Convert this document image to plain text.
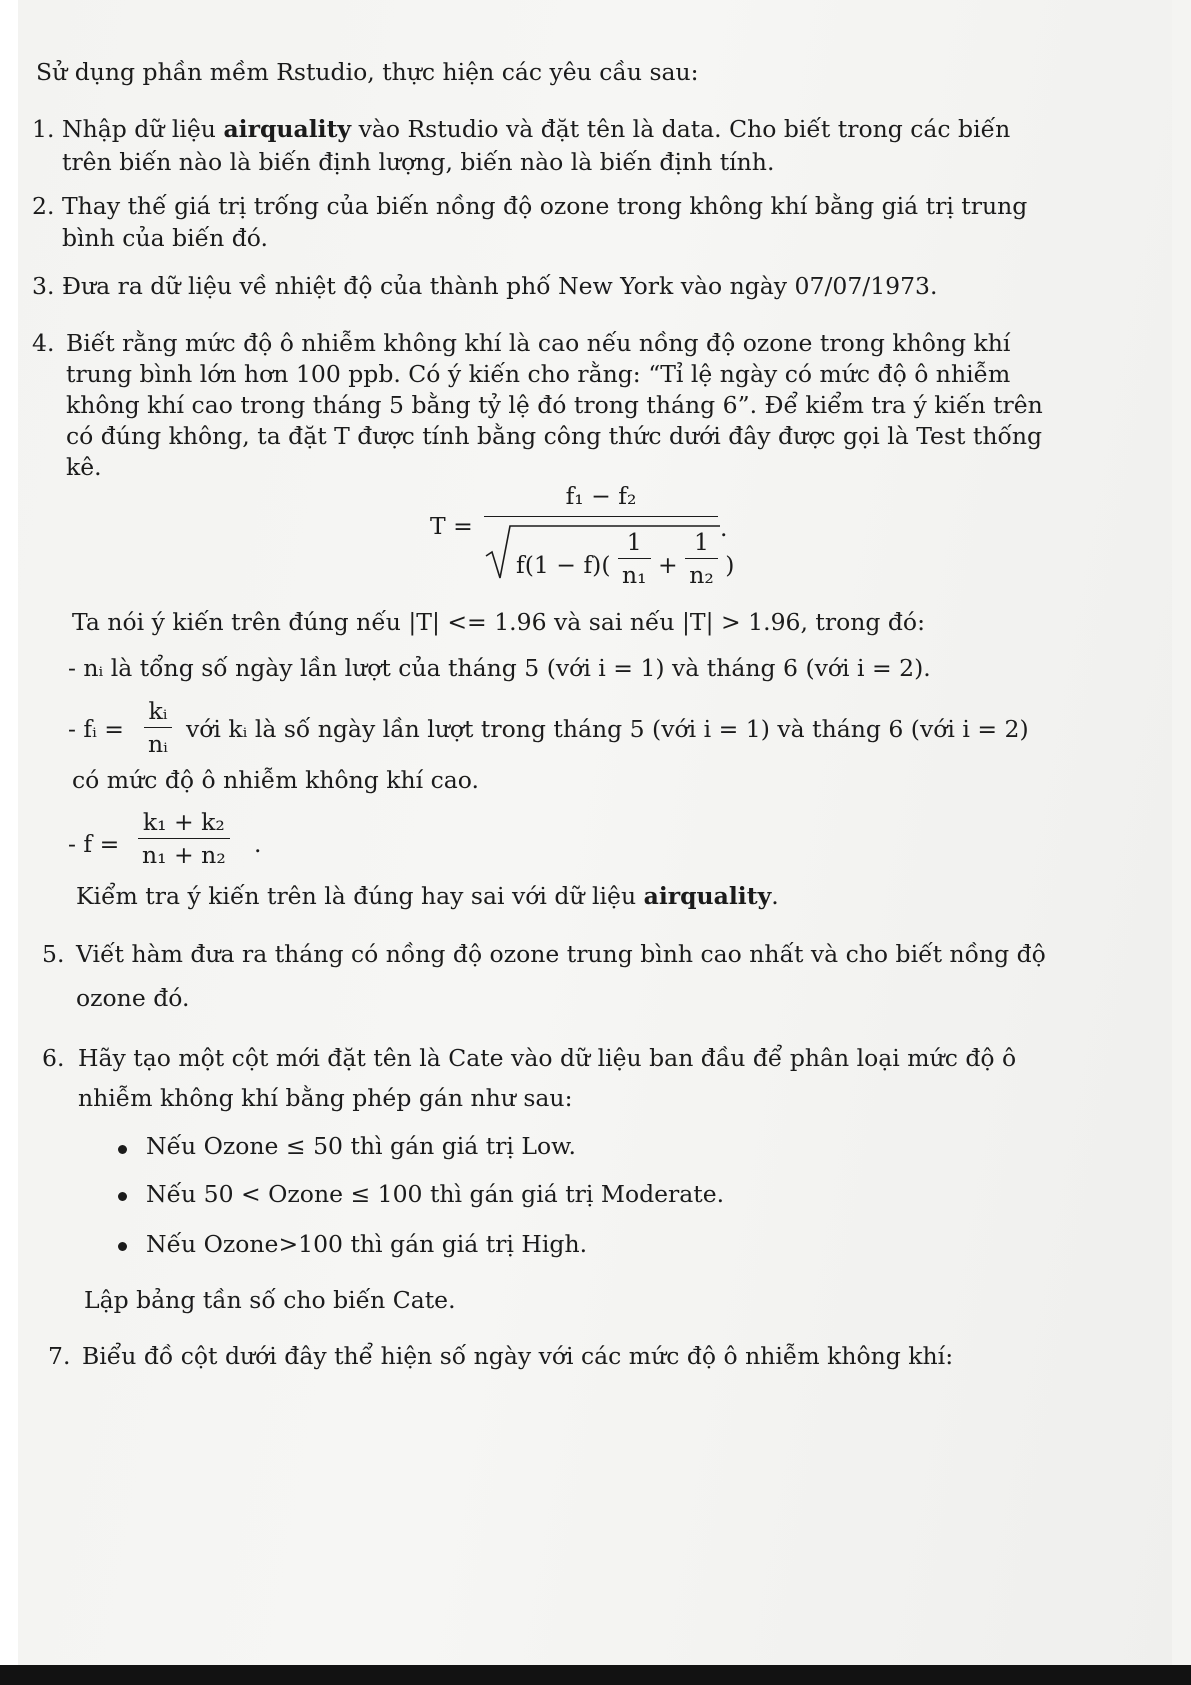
Sử dụng phần mềm Rstudio, thực hiện các yêu cầu sau:
1. Nhập dữ liệu airquality vào Rstudio và đặt tên là data. Cho biết trong các biến
trên biến nào là biến định lượng, biến nào là biến định tính.
2. Thay thế giá trị trống của biến nồng độ ozone trong không khí bằng giá trị trung
bình của biến đó.
3. Đưa ra dữ liệu về nhiệt độ của thành phố New York vào ngày 07/07/1973.
4. Biết rằng mức độ ô nhiễm không khí là cao nếu nồng độ ozone trong không khí
trung bình lớn hơn 100 ppb. Có ý kiến cho rằng: “Tỉ lệ ngày có mức độ ô nhiễm
không khí cao trong tháng 5 bằng tỷ lệ đó trong tháng 6”. Để kiểm tra ý kiến trên
có đúng không, ta đặt T được tính bằng công thức dưới đây được gọi là Test thống
kê.
T =
f₁ − f₂
$f(1 - f)( \frac{1}{\text{n₁}} + \frac{1}{\text{n₂}}$ )
.
Ta nói ý kiến trên đúng nếu |T| <= 1.96 và sai nếu |T| > 1.96, trong đó:
- nᵢ là tổng số ngày lần lượt của tháng 5 (với i = 1) và tháng 6 (với i = 2).
- fᵢ = $\frac{\text{kᵢ}}{\text{nᵢ}}$ với kᵢ là số ngày lần lượt trong tháng 5 (với i = 1) và tháng 6 (với i = 2)
có mức độ ô nhiễm không khí cao.
- $f = \frac{\text{k₁ + k₂}}{\text{n₁ + n₂}}$ .
Kiểm tra ý kiến trên là đúng hay sai với dữ liệu airquality.
5. Viết hàm đưa ra tháng có nồng độ ozone trung bình cao nhất và cho biết nồng độ
ozone đó.
6. Hãy tạo một cột mới đặt tên là Cate vào dữ liệu ban đầu để phân loại mức độ ô
nhiễm không khí bằng phép gán như sau:
Nếu Ozone ≤ 50 thì gán giá trị Low.
Nếu 50 < Ozone ≤ 100 thì gán giá trị Moderate.
Nếu Ozone>100 thì gán giá trị High.
Lập bảng tần số cho biến Cate.
7. Biểu đồ cột dưới đây thể hiện số ngày với các mức độ ô nhiễm không khí:
